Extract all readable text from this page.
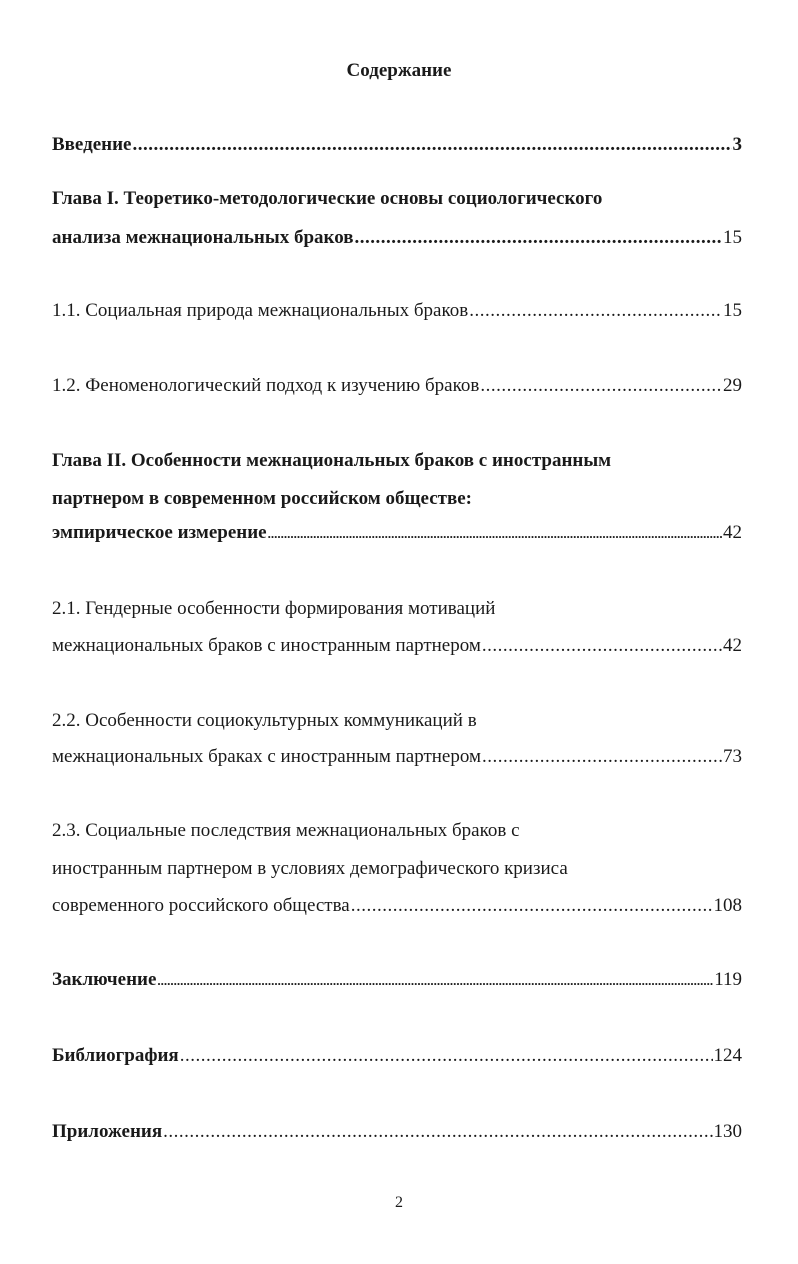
Содержание
Введение .....	3
Глава I. Теоретико-методологические основы социологического
анализа межнациональных браков .....	15
1.1. Социальная природа межнациональных браков .....	15
1.2. Феноменологический подход к изучению браков .....	29
Глава II. Особенности межнациональных браков с иностранным
партнером в современном российском обществе:
эмпирическое измерение .....	42
2.1. Гендерные особенности формирования мотиваций
межнациональных браков с иностранным партнером .....	42
2.2. Особенности социокультурных коммуникаций в
межнациональных браках с иностранным партнером .....	73
2.3. Социальные последствия межнациональных браков с
иностранным партнером в условиях демографического кризиса
современного российского общества .....	108
Заключение .....	119
Библиография .....	124
Приложения .....	130
2
